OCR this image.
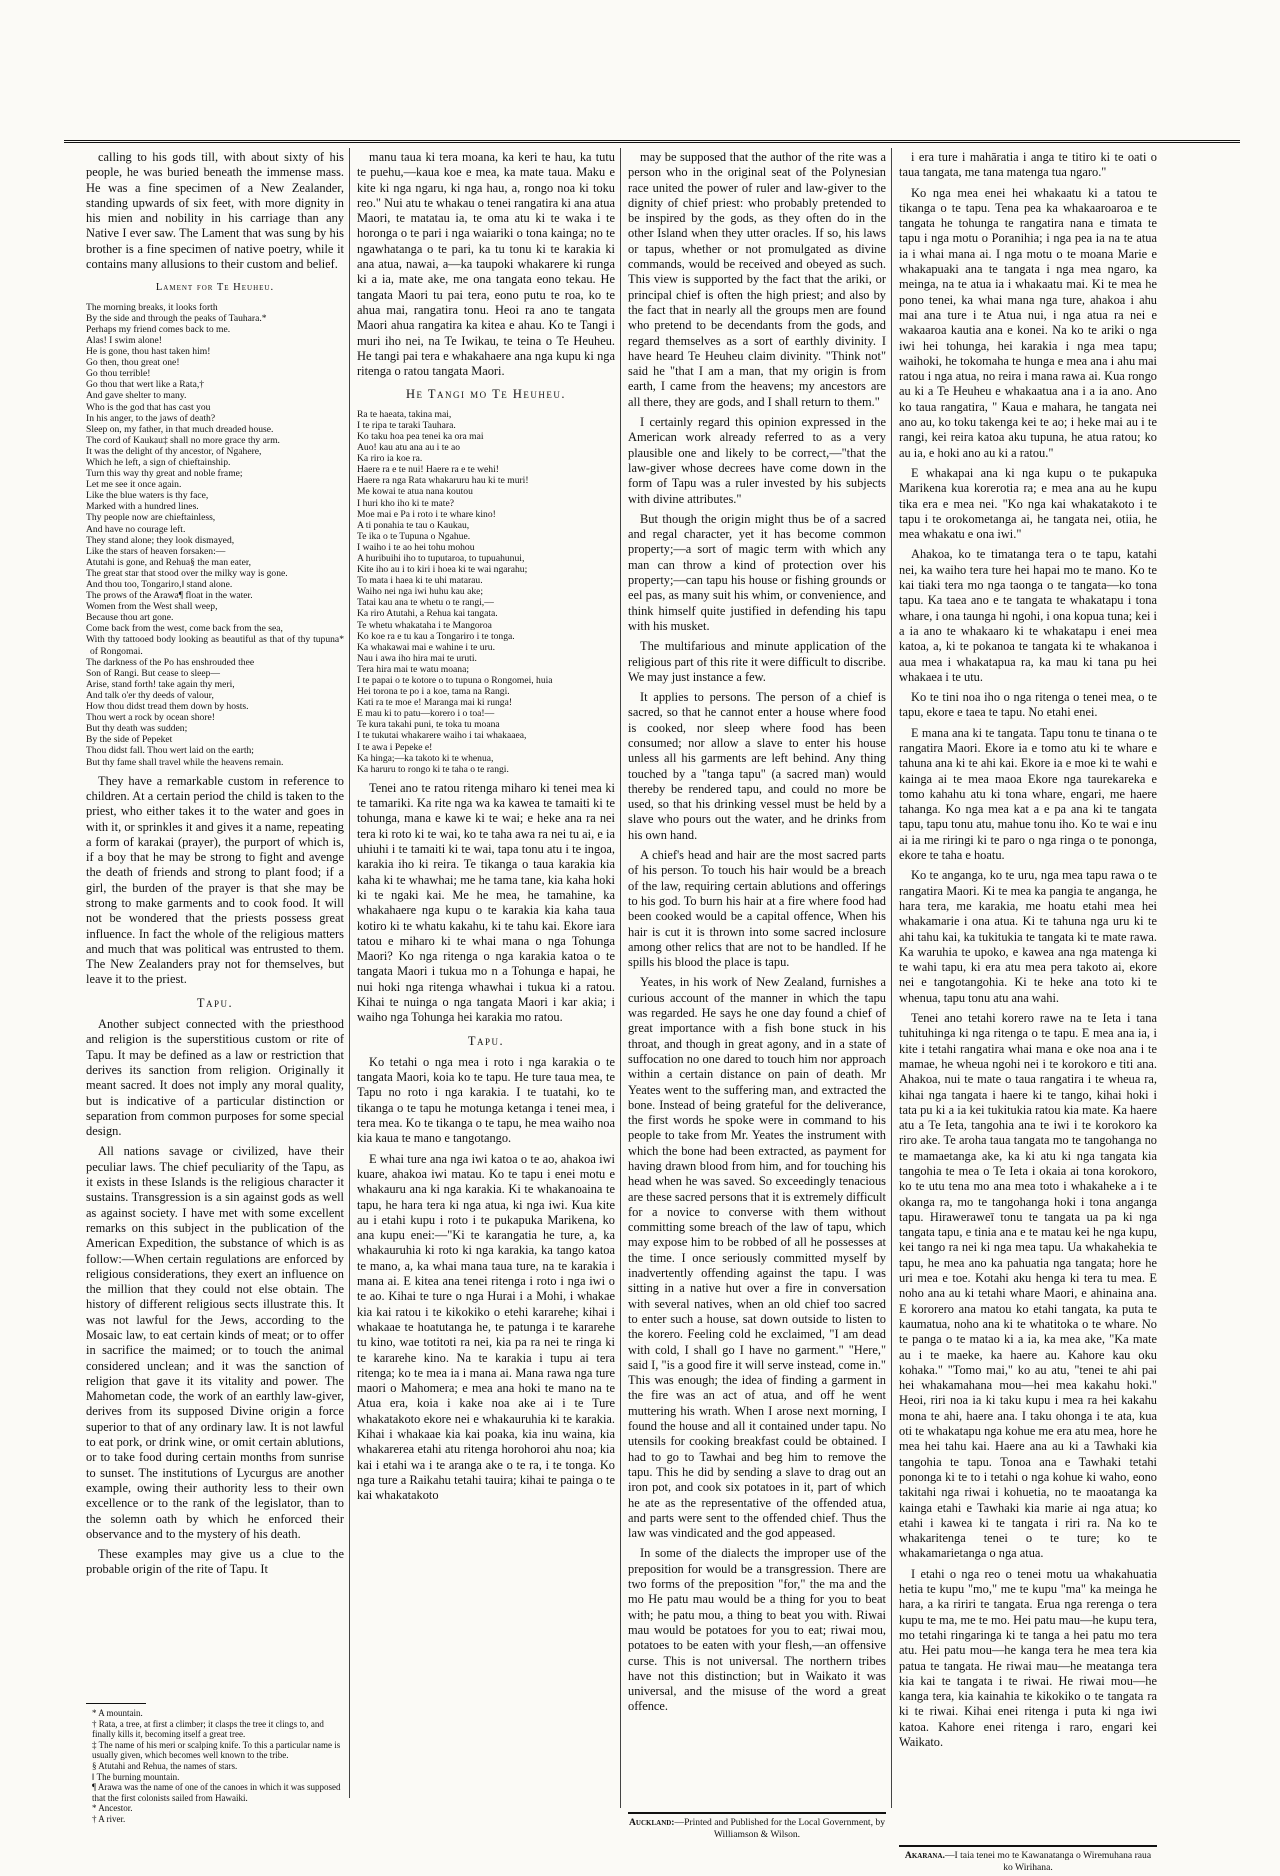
calling to his gods till, with about sixty of his people, he was buried beneath the immense mass. He was a fine specimen of a New Zealander, standing upwards of six feet, with more dignity in his mien and nobility in his carriage than any Native I ever saw. The Lament that was sung by his brother is a fine specimen of native poetry, while it contains many allusions to their custom and belief.

Lament for Te Heuheu.
The morning breaks, it looks forth
By the side and through the peaks of Tauhara.*
Perhaps my friend comes back to me.
Alas! I swim alone!
He is gone, thou hast taken him!
Go then, thou great one!
Go thou terrible!
Go thou that wert like a Rata,†
And gave shelter to many.
Who is the god that has cast you
In his anger, to the jaws of death?
Sleep on, my father, in that much dreaded house.
The cord of Kaukau‡ shall no more grace thy arm.
It was the delight of thy ancestor, of Ngahere,
Which he left, a sign of chieftainship.
Turn this way thy great and noble frame;
Let me see it once again.
Like the blue waters is thy face,
Marked with a hundred lines.
Thy people now are chieftainless,
And have no courage left.
They stand alone; they look dismayed,
Like the stars of heaven forsaken:—
Atutahi is gone, and Rehua§ the man eater,
The great star that stood over the milky way is gone.
And thou too, Tongariro,‖ stand alone.
The prows of the Arawa¶ float in the water.
Women from the West shall weep,
Because thou art gone.
Come back from the west, come back from the sea,
With thy tattooed body looking as beautiful as that of thy tupuna* of Rongomai.
The darkness of the Po has enshrouded thee
Son of Rangi. But cease to sleep—
Arise, stand forth! take again thy meri,
And talk o'er thy deeds of valour,
How thou didst tread them down by hosts.
Thou wert a rock by ocean shore!
But thy death was sudden;
By the side of Pepeket
Thou didst fall. Thou wert laid on the earth;
But thy fame shall travel while the heavens remain.

They have a remarkable custom in reference to children. At a certain period the child is taken to the priest, who either takes it to the water and goes in with it, or sprinkles it and gives it a name, repeating a form of karakai (prayer), the purport of which is, if a boy that he may be strong to fight and avenge the death of friends and strong to plant food; if a girl, the burden of the prayer is that she may be strong to make garments and to cook food. It will not be wondered that the priests possess great influence. In fact the whole of the religious matters and much that was political was entrusted to them. The New Zealanders pray not for themselves, but leave it to the priest.

Tapu.

Another subject connected with the priesthood and religion is the superstitious custom or rite of Tapu. It may be defined as a law or restriction that derives its sanction from religion. Originally it meant sacred. It does not imply any moral quality, but is indicative of a particular distinction or separation from common purposes for some special design.

All nations savage or civilized, have their peculiar laws. The chief peculiarity of the Tapu, as it exists in these Islands is the religious character it sustains. Transgression is a sin against gods as well as against society. I have met with some excellent remarks on this subject in the publication of the American Expedition, the substance of which is as follow:—When certain regulations are enforced by religious considerations, they exert an influence on the million that they could not else obtain. The history of different religious sects illustrate this. It was not lawful for the Jews, according to the Mosaic law, to eat certain kinds of meat; or to offer in sacrifice the maimed; or to touch the animal considered unclean; and it was the sanction of religion that gave it its vitality and power. The Mahometan code, the work of an earthly law-giver, derives from its supposed Divine origin a force superior to that of any ordinary law. It is not lawful to eat pork, or drink wine, or omit certain ablutions, or to take food during certain months from sunrise to sunset. The institutions of Lycurgus are another example, owing their authority less to their own excellence or to the rank of the legislator, than to the solemn oath by which he enforced their observance and to the mystery of his death.

These examples may give us a clue to the probable origin of the rite of Tapu. It

* A mountain.
† Rata, a tree, at first a climber; it clasps the tree it clings to, and finally kills it, becoming itself a great tree.
‡ The name of his meri or scalping knife. To this a particular name is usually given, which becomes well known to the tribe.
§ Atutahi and Rehua, the names of stars.
‖ The burning mountain.
¶ Arawa was the name of one of the canoes in which it was supposed that the first colonists sailed from Hawaiki.
* Ancestor.
† A river.

manu taua ki tera moana, ka keri te hau, ka tutu te puehu,—kaua koe e mea, ka mate taua. Maku e kite ki nga ngaru, ki nga hau, a, rongo noa ki toku reo." Nui atu te whakau o tenei rangatira ki ana atua Maori, te matatau ia, te oma atu ki te waka i te horonga o te pari i nga waiariki o tona kainga; no te ngawhatanga o te pari, ka tu tonu ki te karakia ki ana atua, nawai, a—ka taupoki whakarere ki runga ki a ia, mate ake, me ona tangata eono tekau. He tangata Maori tu pai tera, eono putu te roa, ko te ahua mai, rangatira tonu. Heoi ra ano te tangata Maori ahua rangatira ka kitea e ahau. Ko te Tangi i muri iho nei, na Te Iwikau, te teina o Te Heuheu. He tangi pai tera e whakahaere ana nga kupu ki nga ritenga o ratou tangata Maori.

He Tangi mo Te Heuheu.
Ra te haeata, takina mai,
I te ripa te taraki Tauhara.
Ko taku hoa pea tenei ka ora mai
Auo! kau atu ana au i te ao
Ka riro ia koe ra.
Haere ra e te nui! Haere ra e te wehi!
Haere ra nga Rata whakaruru hau ki te muri!
Me kowai te atua nana koutou
I huri kho iho ki te mate?
Moe mai e Pa i roto i te whare kino!
A ti ponahia te tau o Kaukau,
Te ika o te Tupuna o Ngahue.
I waiho i te ao hei tohu mohou
A huribuihi iho to tuputaroa, to tupuahunui,
Kite iho au i to kiri i hoea ki te wai ngarahu;
To mata i haea ki te uhi matarau.
Waiho nei nga iwi huhu kau ake;
Tatai kau ana te whetu o te rangi,—
Ka riro Atutahi, a Rehua kai tangata.
Te whetu whakataha i te Mangoroa
Ko koe ra e tu kau a Tongariro i te tonga.
Ka whakawai mai e wahine i te uru.
Nau i awa iho hira mai te uruti.
Tera hira mai te watu moana;
I te papai o te kotore o to tupuna o Rongomei, huia
Hei torona te po i a koe, tama na Rangi.
Kati ra te moe e! Maranga mai ki runga!
E mau ki to patu—korero i o toa!—
Te kura takahi puni, te toka tu moana
I te tukutai whakarere waiho i tai whakaaea,
I te awa i Pepeke e!
Ka hinga;—ka takoto ki te whenua,
Ka haruru to rongo ki te taha o te rangi.

Tenei ano te ratou ritenga miharo ki tenei mea ki te tamariki. Ka rite nga wa ka kawea te tamaiti ki te tohunga, mana e kawe ki te wai; e heke ana ra nei tera ki roto ki te wai, ko te taha awa ra nei tu ai, e ia uhiuhi i te tamaiti ki te wai, tapa tonu atu i te ingoa, karakia iho ki reira. Te tikanga o taua karakia kia kaha ki te whawhai; me he tama tane, kia kaha hoki ki te ngaki kai. Me he mea, he tamahine, ka whakahaere nga kupu o te karakia kia kaha taua kotiro ki te whatu kakahu, ki te tahu kai. Ekore iara tatou e miharo ki te whai mana o nga Tohunga Maori? Ko nga ritenga o nga karakia katoa o te tangata Maori i tukua mo n a Tohunga e hapai, he nui hoki nga ritenga whawhai i tukua ki a ratou. Kihai te nuinga o nga tangata Maori i kar akia; i waiho nga Tohunga hei karakia mo ratou.

Tapu.

Ko tetahi o nga mea i roto i nga karakia o te tangata Maori, koia ko te tapu. He ture taua mea, te Tapu no roto i nga karakia. I te tuatahi, ko te tikanga o te tapu he motunga ketanga i tenei mea, i tera mea. Ko te tikanga o te tapu, he mea waiho noa kia kaua te mano e tangotango.

E whai ture ana nga iwi katoa o te ao, ahakoa iwi kuare, ahakoa iwi matau. Ko te tapu i enei motu e whakauru ana ki nga karakia. Ki te whakanoaina te tapu, he hara tera ki nga atua, ki nga iwi. Kua kite au i etahi kupu i roto i te pukapuka Marikena, ko ana kupu enei:—"Ki te karangatia he ture, a, ka whakauruhia ki roto ki nga karakia, ka tango katoa te mano, a, ka whai mana taua ture, na te karakia i mana ai. E kitea ana tenei ritenga i roto i nga iwi o te ao. Kihai te ture o nga Hurai i a Mohi, i whakae kia kai ratou i te kikokiko o etehi kararehe; kihai i whakaae te hoatutanga he, te patunga i te kararehe tu kino, wae totitoti ra nei, kia pa ra nei te ringa ki te kararehe kino. Na te karakia i tupu ai tera ritenga; ko te mea ia i mana ai. Mana rawa nga ture maori o Mahomera; e mea ana hoki te mano na te Atua era, koia i kake noa ake ai i te Ture whakatakoto ekore nei e whakauruhia ki te karakia. Kihai i whakaae kia kai poaka, kia inu waina, kia whakarerea etahi atu ritenga horohoroi ahu noa; kia kai i etahi wa i te aranga ake o te ra, i te tonga. Ko nga ture a Raikahu tetahi tauira; kihai te painga o te kai whakatakoto

may be supposed that the author of the rite was a person who in the original seat of the Polynesian race united the power of ruler and law-giver to the dignity of chief priest: who probably pretended to be inspired by the gods, as they often do in the other Island when they utter oracles. If so, his laws or tapus, whether or not promulgated as divine commands, would be received and obeyed as such. This view is supported by the fact that the ariki, or principal chief is often the high priest; and also by the fact that in nearly all the groups men are found who pretend to be decendants from the gods, and regard themselves as a sort of earthly divinity. I have heard Te Heuheu claim divinity. "Think not" said he "that I am a man, that my origin is from earth, I came from the heavens; my ancestors are all there, they are gods, and I shall return to them."

I certainly regard this opinion expressed in the American work already referred to as a very plausible one and likely to be correct,—"that the law-giver whose decrees have come down in the form of Tapu was a ruler invested by his subjects with divine attributes."

But though the origin might thus be of a sacred and regal character, yet it has become common property;—a sort of magic term with which any man can throw a kind of protection over his property;—can tapu his house or fishing grounds or eel pas, as many suit his whim, or convenience, and think himself quite justified in defending his tapu with his musket.

The multifarious and minute application of the religious part of this rite it were difficult to discribe. We may just instance a few.

It applies to persons. The person of a chief is sacred, so that he cannot enter a house where food is cooked, nor sleep where food has been consumed; nor allow a slave to enter his house unless all his garments are left behind. Any thing touched by a "tanga tapu" (a sacred man) would thereby be rendered tapu, and could no more be used, so that his drinking vessel must be held by a slave who pours out the water, and he drinks from his own hand.

A chief's head and hair are the most sacred parts of his person. To touch his hair would be a breach of the law, requiring certain ablutions and offerings to his god. To burn his hair at a fire where food had been cooked would be a capital offence, When his hair is cut it is thrown into some sacred inclosure among other relics that are not to be handled. If he spills his blood the place is tapu.

Yeates, in his work of New Zealand, furnishes a curious account of the manner in which the tapu was regarded. He says he one day found a chief of great importance with a fish bone stuck in his throat, and though in great agony, and in a state of suffocation no one dared to touch him nor approach within a certain distance on pain of death. Mr Yeates went to the suffering man, and extracted the bone. Instead of being grateful for the deliverance, the first words he spoke were in command to his people to take from Mr. Yeates the instrument with which the bone had been extracted, as payment for having drawn blood from him, and for touching his head when he was saved. So exceedingly tenacious are these sacred persons that it is extremely difficult for a novice to converse with them without committing some breach of the law of tapu, which may expose him to be robbed of all he possesses at the time. I once seriously committed myself by inadvertently offending against the tapu. I was sitting in a native hut over a fire in conversation with several natives, when an old chief too sacred to enter such a house, sat down outside to listen to the korero. Feeling cold he exclaimed, "I am dead with cold, I shall go I have no garment." "Here," said I, "is a good fire it will serve instead, come in." This was enough; the idea of finding a garment in the fire was an act of atua, and off he went muttering his wrath. When I arose next morning, I found the house and all it contained under tapu. No utensils for cooking breakfast could be obtained. I had to go to Tawhai and beg him to remove the tapu. This he did by sending a slave to drag out an iron pot, and cook six potatoes in it, part of which he ate as the representative of the offended atua, and parts were sent to the offended chief. Thus the law was vindicated and the god appeased.

In some of the dialects the improper use of the preposition for would be a transgression. There are two forms of the preposition "for," the ma and the mo He patu mau would be a thing for you to beat with; he patu mou, a thing to beat you with. Riwai mau would be potatoes for you to eat; riwai mou, potatoes to be eaten with your flesh,—an offensive curse. This is not universal. The northern tribes have not this distinction; but in Waikato it was universal, and the misuse of the word a great offence.

Auckland:—Printed and Published for the Local Government, by Williamson & Wilson.

i era ture i mahāratia i anga te titiro ki te oati o taua tangata, me tana matenga tua ngaro."

Ko nga mea enei hei whakaatu ki a tatou te tikanga o te tapu. Tena pea ka whakaaroaroa e te tangata he tohunga te rangatira nana e timata te tapu i nga motu o Poranihia; i nga pea ia na te atua ia i whai mana ai. I nga motu o te moana Marie e whakapuaki ana te tangata i nga mea ngaro, ka meinga, na te atua ia i whakaatu mai. Ki te mea he pono tenei, ka whai mana nga ture, ahakoa i ahu mai ana ture i te Atua nui, i nga atua ra nei e wakaaroa kautia ana e konei. Na ko te ariki o nga iwi hei tohunga, hei karakia i nga mea tapu; waihoki, he tokomaha te hunga e mea ana i ahu mai ratou i nga atua, no reira i mana rawa ai. Kua rongo au ki a Te Heuheu e whakaatua ana i a ia ano. Ano ko taua rangatira, " Kaua e mahara, he tangata nei ano au, ko toku takenga kei te ao; i heke mai au i te rangi, kei reira katoa aku tupuna, he atua ratou; ko au ia, e hoki ano au ki a ratou."

E whakapai ana ki nga kupu o te pukapuka Marikena kua korerotia ra; e mea ana au he kupu tika era e mea nei. "Ko nga kai whakatakoto i te tapu i te orokometanga ai, he tangata nei, otiia, he mea whakatu e ona iwi."

Ahakoa, ko te timatanga tera o te tapu, katahi nei, ka waiho tera ture hei hapai mo te mano. Ko te kai tiaki tera mo nga taonga o te tangata—ko tona tapu. Ka taea ano e te tangata te whakatapu i tona whare, i ona taunga hi ngohi, i ona kopua tuna; kei i a ia ano te whakaaro ki te whakatapu i enei mea katoa, a, ki te pokanoa te tangata ki te whakanoa i aua mea i whakatapua ra, ka mau ki tana pu hei whakaea i te utu.

Ko te tini noa iho o nga ritenga o tenei mea, o te tapu, ekore e taea te tapu. No etahi enei.

E mana ana ki te tangata. Tapu tonu te tinana o te rangatira Maori. Ekore ia e tomo atu ki te whare e tahuna ana ki te ahi kai. Ekore ia e moe ki te wahi e kainga ai te mea maoa Ekore nga taurekareka e tomo kahahu atu ki tona whare, engari, me haere tahanga. Ko nga mea kat a e pa ana ki te tangata tapu, tapu tonu atu, mahue tonu iho. Ko te wai e inu ai ia me riringi ki te paro o nga ringa o te pononga, ekore te taha e hoatu.

Ko te anganga, ko te uru, nga mea tapu rawa o te rangatira Maori. Ki te mea ka pangia te anganga, he hara tera, me karakia, me hoatu etahi mea hei whakamarie i ona atua. Ki te tahuna nga uru ki te ahi tahu kai, ka tukitukia te tangata ki te mate rawa. Ka waruhia te upoko, e kawea ana nga matenga ki te wahi tapu, ki era atu mea pera takoto ai, ekore nei e tangotangohia. Ki te heke ana toto ki te whenua, tapu tonu atu ana wahi.

Tenei ano tetahi korero rawe na te Ieta i tana tuhituhinga ki nga ritenga o te tapu. E mea ana ia, i kite i tetahi rangatira whai mana e oke noa ana i te mamae, he wheua ngohi nei i te korokoro e titi ana. Ahakoa, nui te mate o taua rangatira i te wheua ra, kihai nga tangata i haere ki te tango, kihai hoki i tata pu ki a ia kei tukitukia ratou kia mate. Ka haere atu a Te Ieta, tangohia ana te iwi i te korokoro ka riro ake. Te aroha taua tangata mo te tangohanga no te mamaetanga ake, ka ki atu ki nga tangata kia tangohia te mea o Te Ieta i okaia ai tona korokoro, ko te utu tena mo ana mea toto i whakaheke a i te okanga ra, mo te tangohanga hoki i tona anganga tapu. Hiraweraweī tonu te tangata ua pa ki nga tangata tapu, e tinia ana e te matau kei he nga kupu, kei tango ra nei ki nga mea tapu. Ua whakahekia te tapu, he mea ano ka pahuatia nga tangata; hore he uri mea e toe. Kotahi aku henga ki tera tu mea. E noho ana au ki tetahi whare Maori, e ahinaina ana. E kororero ana matou ko etahi tangata, ka puta te kaumatua, noho ana ki te whatitoka o te whare. No te panga o te matao ki a ia, ka mea ake, "Ka mate au i te maeke, ka haere au. Kahore kau oku kohaka." "Tomo mai," ko au atu, "tenei te ahi pai hei whakamahana mou—hei mea kakahu hoki." Heoi, riri noa ia ki taku kupu i mea ra hei kakahu mona te ahi, haere ana. I taku ohonga i te ata, kua oti te whakatapu nga kohue me era atu mea, hore he mea hei tahu kai. Haere ana au ki a Tawhaki kia tangohia te tapu. Tonoa ana e Tawhaki tetahi pononga ki te to i tetahi o nga kohue ki waho, eono takitahi nga riwai i kohuetia, no te maoatanga ka kainga etahi e Tawhaki kia marie ai nga atua; ko etahi i kawea ki te tangata i riri ra. Na ko te whakaritenga tenei o te ture; ko te whakamarietanga o nga atua.

I etahi o nga reo o tenei motu ua whakahuatia hetia te kupu "mo," me te kupu "ma" ka meinga he hara, a ka ririri te tangata. Erua nga rerenga o tera kupu te ma, me te mo. Hei patu mau—he kupu tera, mo tetahi ringaringa ki te tanga a hei patu mo tera atu. Hei patu mou—he kanga tera he mea tera kia patua te tangata. He riwai mau—he meatanga tera kia kai te tangata i te riwai. He riwai mou—he kanga tera, kia kainahia te kikokiko o te tangata ra ki te riwai. Kihai enei ritenga i puta ki nga iwi katoa. Kahore enei ritenga i raro, engari kei Waikato.

Akarana.—I taia tenei mo te Kawanatanga o Wiremuhana raua ko Wirihana.
